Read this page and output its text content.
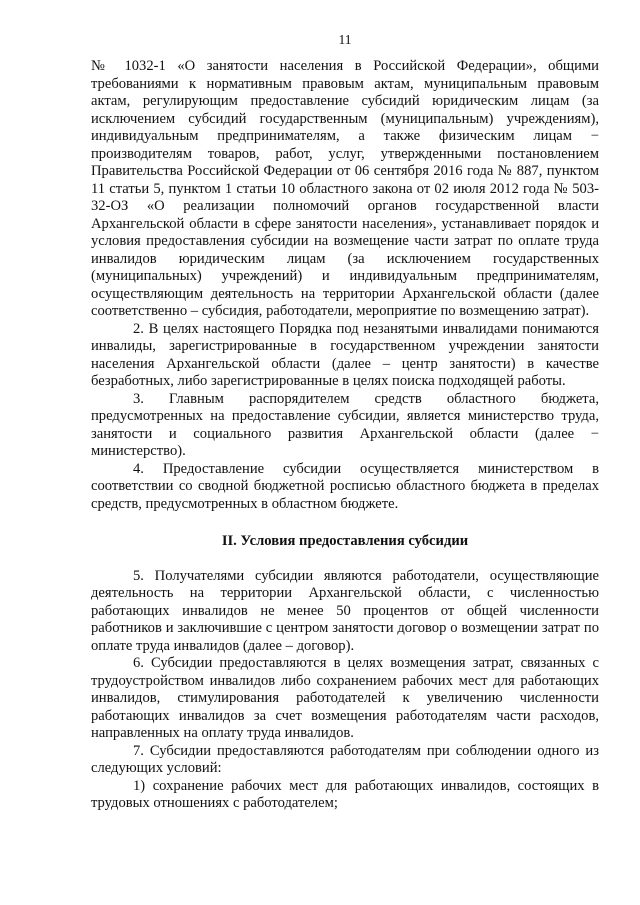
11

№ 1032-1 «О занятости населения в Российской Федерации», общими требованиями к нормативным правовым актам, муниципальным правовым актам, регулирующим предоставление субсидий юридическим лицам (за исключением субсидий государственным (муниципальным) учреждениям), индивидуальным предпринимателям, а также физическим лицам − производителям товаров, работ, услуг, утвержденными постановлением Правительства Российской Федерации от 06 сентября 2016 года № 887, пунктом 11 статьи 5, пунктом 1 статьи 10 областного закона от 02 июля 2012 года № 503-32-ОЗ «О реализации полномочий органов государственной власти Архангельской области в сфере занятости населения», устанавливает порядок и условия предоставления субсидии на возмещение части затрат по оплате труда инвалидов юридическим лицам (за исключением государственных (муниципальных) учреждений) и индивидуальным предпринимателям, осуществляющим деятельность на территории Архангельской области (далее соответственно – субсидия, работодатели, мероприятие по возмещению затрат).

2. В целях настоящего Порядка под незанятыми инвалидами понимаются инвалиды, зарегистрированные в государственном учреждении занятости населения Архангельской области (далее – центр занятости) в качестве безработных, либо зарегистрированные в целях поиска подходящей работы.

3. Главным распорядителем средств областного бюджета, предусмотренных на предоставление субсидии, является министерство труда, занятости и социального развития Архангельской области (далее − министерство).

4. Предоставление субсидии осуществляется министерством в соответствии со сводной бюджетной росписью областного бюджета в пределах средств, предусмотренных в областном бюджете.

II. Условия предоставления субсидии

5. Получателями субсидии являются работодатели, осуществляющие деятельность на территории Архангельской области, с численностью работающих инвалидов не менее 50 процентов от общей численности работников и заключившие с центром занятости договор о возмещении затрат по оплате труда инвалидов (далее – договор).

6. Субсидии предоставляются в целях возмещения затрат, связанных с трудоустройством инвалидов либо сохранением рабочих мест для работающих инвалидов, стимулирования работодателей к увеличению численности работающих инвалидов за счет возмещения работодателям части расходов, направленных на оплату труда инвалидов.

7. Субсидии предоставляются работодателям при соблюдении одного из следующих условий:

1) сохранение рабочих мест для работающих инвалидов, состоящих в трудовых отношениях с работодателем;
